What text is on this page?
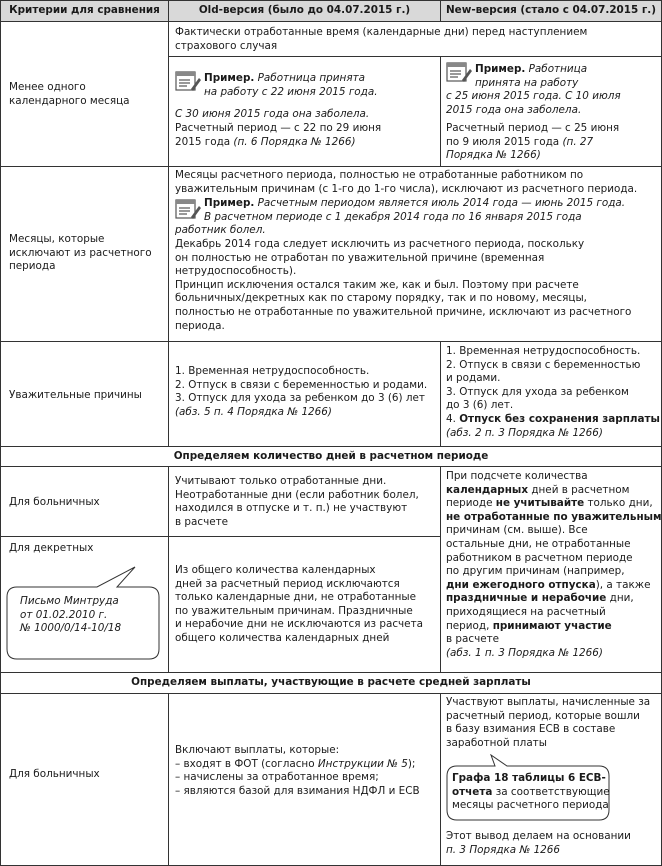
Критерии для сравнения	Old-версия (было до 04.07.2015 г.)	New-версия (стало с 04.07.2015 г.)
Менее одного
календарного месяца
Фактически отработанные время (календарные дни) перед наступлением
страхового случая
Пример. Работница принята
на работу с 22 июня 2015 года.
С 30 июня 2015 года она заболела.
Расчетный период — с 22 по 29 июня
2015 года (п. 6 Порядка № 1266)
Пример. Работница
принята на работу
с 25 июня 2015 года. С 10 июля
2015 года она заболела.
Расчетный период — с 25 июня
по 9 июля 2015 года (п. 27
Порядка № 1266)
Месяцы, которые
исключают из расчетного
периода
Месяцы расчетного периода, полностью не отработанные работником по
уважительным причинам (с 1-го до 1-го числа), исключают из расчетного периода.
Пример. Расчетным периодом является июль 2014 года — июнь 2015 года.
В расчетном периоде с 1 декабря 2014 года по 16 января 2015 года
работник болел.
Декабрь 2014 года следует исключить из расчетного периода, поскольку
он полностью не отработан по уважительной причине (временная
нетрудоспособность).
Принцип исключения остался таким же, как и был. Поэтому при расчете
больничных/декретных как по старому порядку, так и по новому, месяцы,
полностью не отработанные по уважительной причине, исключают из расчетного
периода.
Уважительные причины
1. Временная нетрудоспособность.
2. Отпуск в связи с беременностью и родами.
3. Отпуск для ухода за ребенком до 3 (6) лет
(абз. 5 п. 4 Порядка № 1266)
1. Временная нетрудоспособность.
2. Отпуск в связи с беременностью
и родами.
3. Отпуск для ухода за ребенком
до 3 (6) лет.
4. Отпуск без сохранения зарплаты
(абз. 2 п. 3 Порядка № 1266)
Определяем количество дней в расчетном периоде
Для больничных
Учитывают только отработанные дни.
Неотработанные дни (если работник болел,
находился в отпуске и т. п.) не участвуют
в расчете
При подсчете количества
календарных дней в расчетном
периоде не учитывайте только дни,
не отработанные по уважительным
причинам (см. выше). Все
остальные дни, не отработанные
работником в расчетном периоде
по другим причинам (например,
дни ежегодного отпуска), а также
праздничные и нерабочие дни,
приходящиеся на расчетный
период, принимают участие
в расчете
(абз. 1 п. 3 Порядка № 1266)
Для декретных
Письмо Минтруда
от 01.02.2010 г.
№ 1000/0/14-10/18
Из общего количества календарных
дней за расчетный период исключаются
только календарные дни, не отработанные
по уважительным причинам. Праздничные
и нерабочие дни не исключаются из расчета
общего количества календарных дней
Определяем выплаты, участвующие в расчете средней зарплаты
Для больничных
Включают выплаты, которые:
– входят в ФОТ (согласно Инструкции № 5);
– начислены за отработанное время;
– являются базой для взимания НДФЛ и ЕСВ
Участвуют выплаты, начисленные за
расчетный период, которые вошли
в базу взимания ЕСВ в составе
заработной платы
Графа 18 таблицы 6 ЕСВ-
отчета за соответствующие
месяцы расчетного периода
Этот вывод делаем на основании
п. 3 Порядка № 1266
